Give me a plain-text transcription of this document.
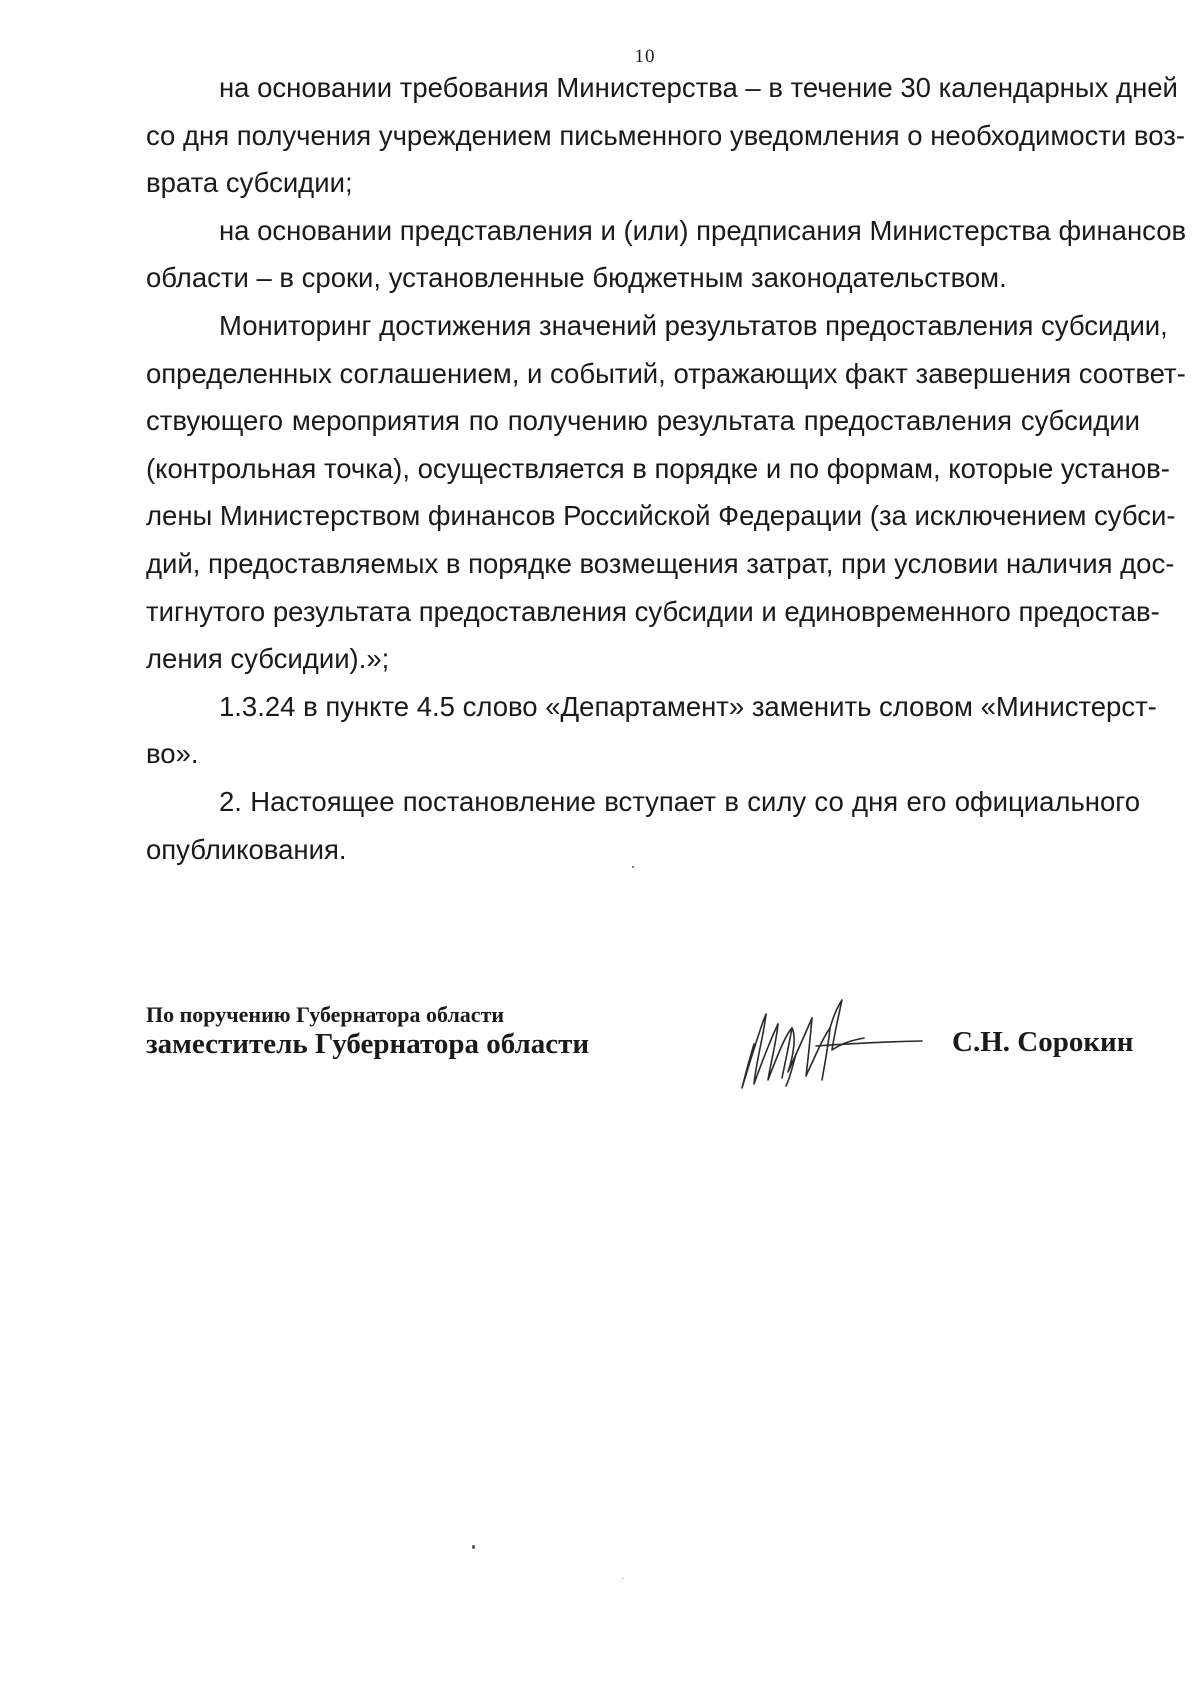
10
на основании требования Министерства – в течение 30 календарных дней
со дня получения учреждением письменного уведомления о необходимости воз-
врата субсидии;
на основании представления и (или) предписания Министерства финансов
области – в сроки, установленные бюджетным законодательством.
Мониторинг достижения значений результатов предоставления субсидии,
определенных соглашением, и событий, отражающих факт завершения соответ-
ствующего мероприятия по получению результата предоставления субсидии
(контрольная точка), осуществляется в порядке и по формам, которые установ-
лены Министерством финансов Российской Федерации (за исключением субси-
дий, предоставляемых в порядке возмещения затрат, при условии наличия дос-
тигнутого результата предоставления субсидии и единовременного предостав-
ления субсидии).»;
1.3.24 в пункте 4.5 слово «Департамент» заменить словом «Министерст-
во».
2. Настоящее постановление вступает в силу со дня его официального
опубликования.
По поручению Губернатора области
заместитель Губернатора области	С.Н. Сорокин
